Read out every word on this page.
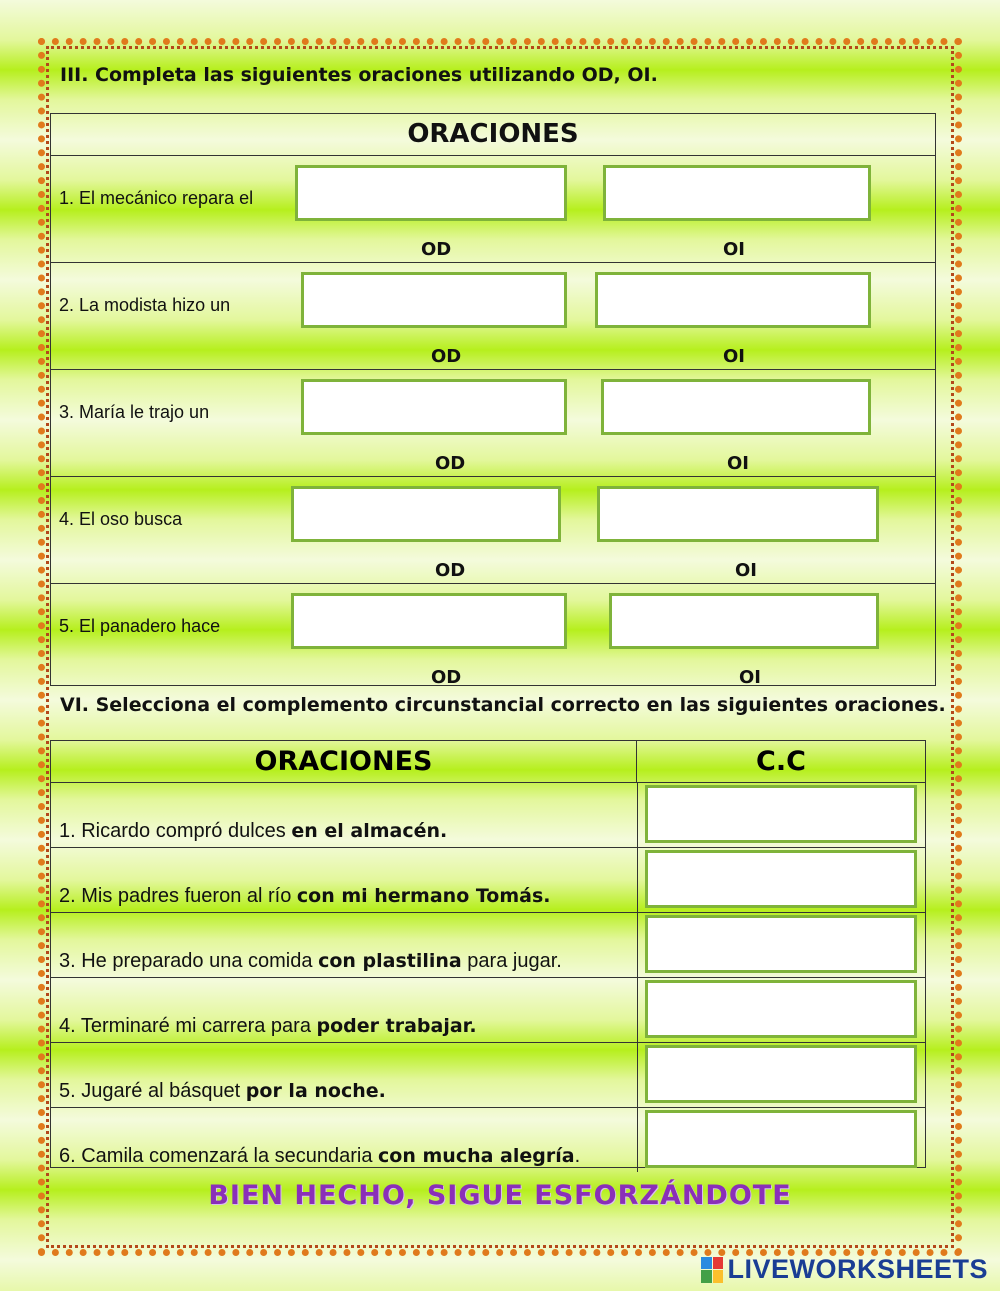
III. Completa las siguientes oraciones utilizando OD, OI.
ORACIONES
1. El mecánico repara el
OD	OI
2. La modista hizo un
OD	OI
3. María le trajo un
OD	OI
4. El oso busca
OD	OI
5. El panadero hace
OD	OI
VI. Selecciona el complemento circunstancial correcto en las siguientes oraciones.
ORACIONES	C.C
1. Ricardo compró dulces en el almacén.
2. Mis padres fueron al río con mi hermano Tomás.
3. He preparado una comida con plastilina para jugar.
4. Terminaré mi carrera para poder trabajar.
5. Jugaré al básquet por la noche.
6. Camila comenzará la secundaria con mucha alegría.
BIEN HECHO, SIGUE ESFORZÁNDOTE
LIVEWORKSHEETS
